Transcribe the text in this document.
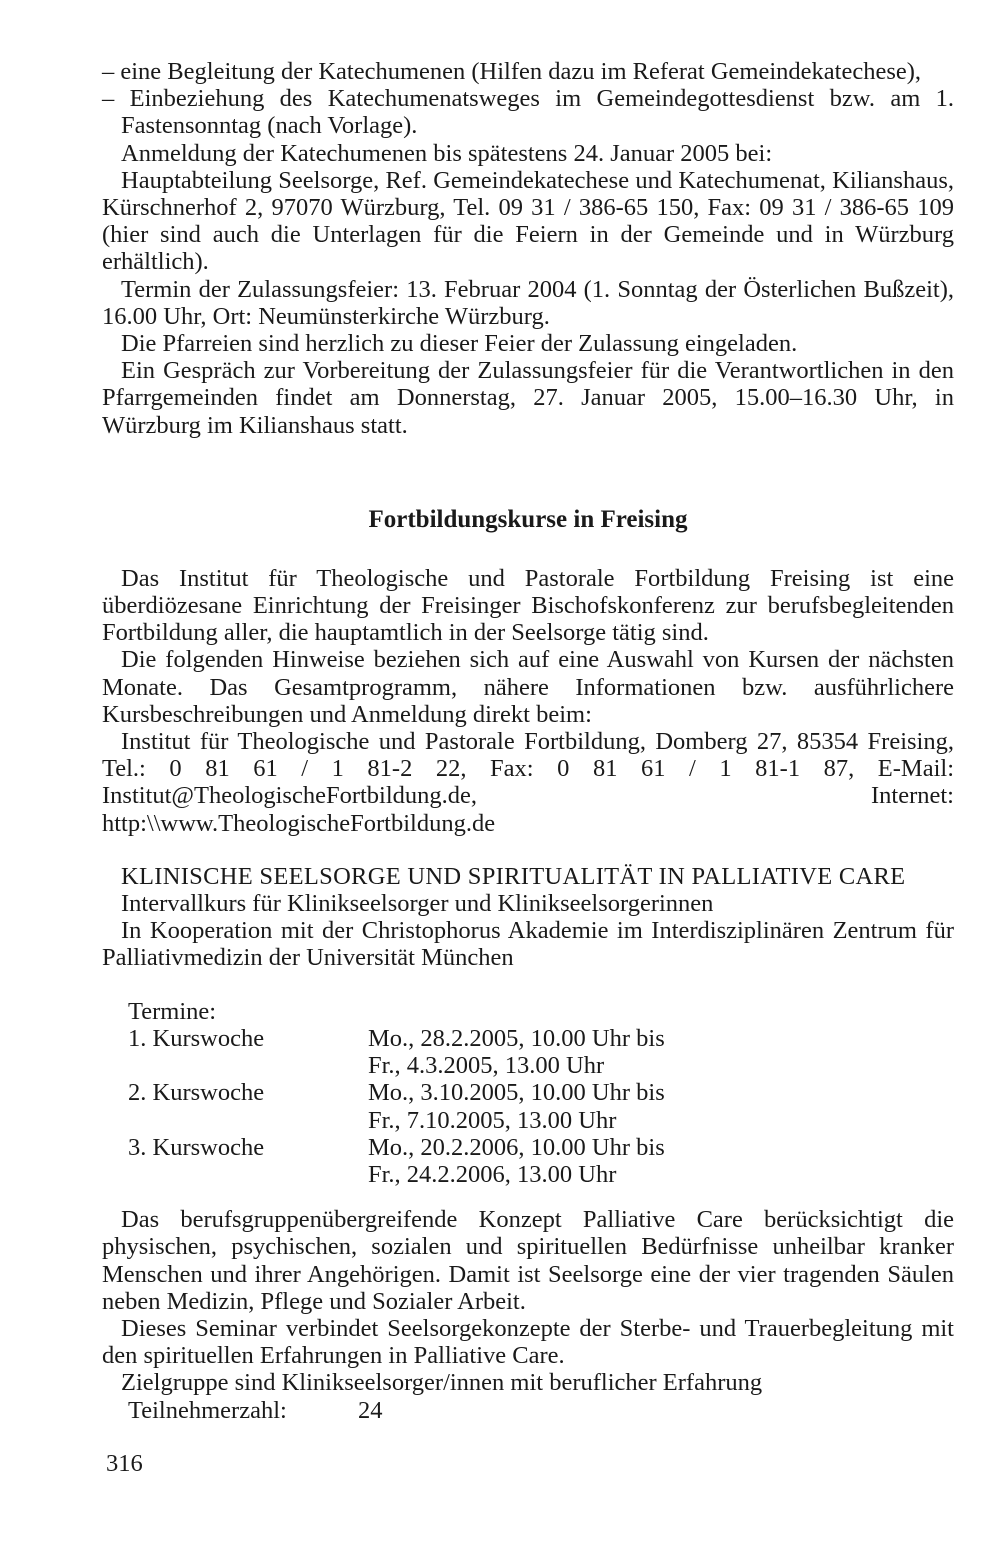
– eine Begleitung der Katechumenen (Hilfen dazu im Referat Gemeindekatechese),

– Einbeziehung des Katechumenatsweges im Gemeindegottesdienst bzw. am 1. Fastensonntag (nach Vorlage).

Anmeldung der Katechumenen bis spätestens 24. Januar 2005 bei:

Hauptabteilung Seelsorge, Ref. Gemeindekatechese und Katechumenat, Kilianshaus, Kürschnerhof 2, 97070 Würzburg, Tel. 09 31 / 386-65 150, Fax: 09 31 / 386-65 109 (hier sind auch die Unterlagen für die Feiern in der Gemeinde und in Würzburg erhältlich).

Termin der Zulassungsfeier: 13. Februar 2004 (1. Sonntag der Österlichen Bußzeit), 16.00 Uhr, Ort: Neumünsterkirche Würzburg.

Die Pfarreien sind herzlich zu dieser Feier der Zulassung eingeladen.

Ein Gespräch zur Vorbereitung der Zulassungsfeier für die Verantwortlichen in den Pfarrgemeinden findet am Donnerstag, 27. Januar 2005, 15.00–16.30 Uhr, in Würzburg im Kilianshaus statt.

Fortbildungskurse in Freising

Das Institut für Theologische und Pastorale Fortbildung Freising ist eine überdiözesane Einrichtung der Freisinger Bischofskonferenz zur berufsbegleitenden Fortbildung aller, die hauptamtlich in der Seelsorge tätig sind.

Die folgenden Hinweise beziehen sich auf eine Auswahl von Kursen der nächsten Monate. Das Gesamtprogramm, nähere Informationen bzw. ausführlichere Kursbeschreibungen und Anmeldung direkt beim:

Institut für Theologische und Pastorale Fortbildung, Domberg 27, 85354 Freising, Tel.: 0 81 61 / 1 81-2 22, Fax: 0 81 61 / 1 81-1 87, E-Mail: Institut@TheologischeFortbildung.de, Internet: http:\\www.TheologischeFortbildung.de

KLINISCHE SEELSORGE UND SPIRITUALITÄT IN PALLIATIVE CARE

Intervallkurs für Klinikseelsorger und Klinikseelsorgerinnen

In Kooperation mit der Christophorus Akademie im Interdisziplinären Zentrum für Palliativmedizin der Universität München

Termine:

1. Kurswoche	Mo., 28.2.2005, 10.00 Uhr bis
Fr., 4.3.2005, 13.00 Uhr
2. Kurswoche	Mo., 3.10.2005, 10.00 Uhr bis
Fr., 7.10.2005, 13.00 Uhr
3. Kurswoche	Mo., 20.2.2006, 10.00 Uhr bis
Fr., 24.2.2006, 13.00 Uhr

Das berufsgruppenübergreifende Konzept Palliative Care berücksichtigt die physischen, psychischen, sozialen und spirituellen Bedürfnisse unheilbar kranker Menschen und ihrer Angehörigen. Damit ist Seelsorge eine der vier tragenden Säulen neben Medizin, Pflege und Sozialer Arbeit.

Dieses Seminar verbindet Seelsorgekonzepte der Sterbe- und Trauerbegleitung mit den spirituellen Erfahrungen in Palliative Care.

Zielgruppe sind Klinikseelsorger/innen mit beruflicher Erfahrung

Teilnehmerzahl:	24
316
